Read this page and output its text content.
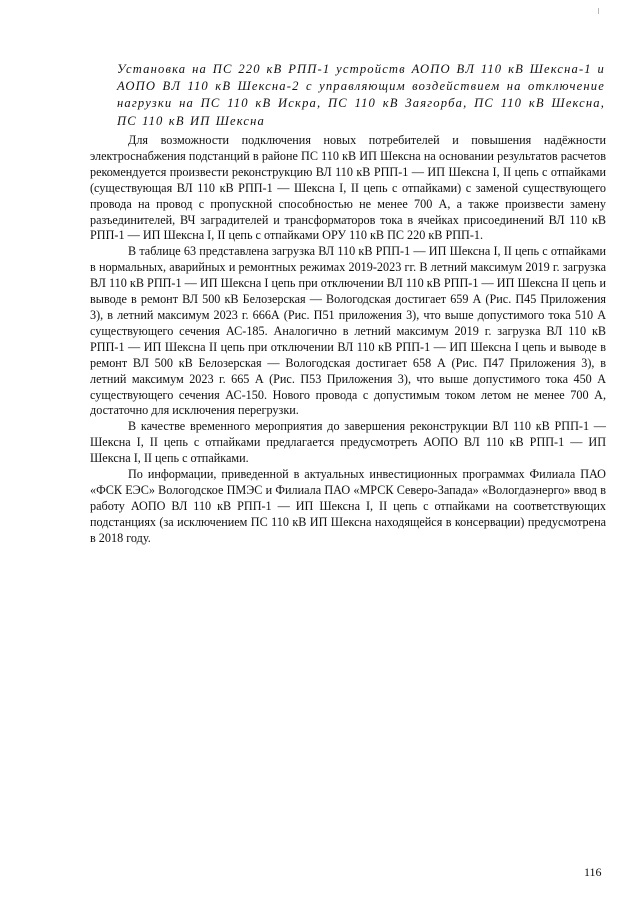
Установка на ПС 220 кВ РПП-1 устройств АОПО ВЛ 110 кВ Шексна-1 и АОПО ВЛ 110 кВ Шексна-2 с управляющим воздействием на отключение нагрузки на ПС 110 кВ Искра, ПС 110 кВ Заягорба, ПС 110 кВ Шексна, ПС 110 кВ ИП Шексна

Для возможности подключения новых потребителей и повышения надёжности электроснабжения подстанций в районе ПС 110 кВ ИП Шексна на основании результатов расчетов рекомендуется произвести реконструкцию ВЛ 110 кВ РПП-1 — ИП Шексна I, II цепь с отпайками (существующая ВЛ 110 кВ РПП-1 — Шексна I, II цепь с отпайками) с заменой существующего провода на провод с пропускной способностью не менее 700 А, а также произвести замену разъединителей, ВЧ заградителей и трансформаторов тока в ячейках присоединений ВЛ 110 кВ РПП-1 — ИП Шексна I, II цепь с отпайками ОРУ 110 кВ ПС 220 кВ РПП-1.

В таблице 63 представлена загрузка ВЛ 110 кВ РПП-1 — ИП Шексна I, II цепь с отпайками в нормальных, аварийных и ремонтных режимах 2019-2023 гг. В летний максимум 2019 г. загрузка ВЛ 110 кВ РПП-1 — ИП Шексна I цепь при отключении ВЛ 110 кВ РПП-1 — ИП Шексна II цепь и выводе в ремонт ВЛ 500 кВ Белозерская — Вологодская достигает 659 А (Рис. П45 Приложения 3), в летний максимум 2023 г. 666А (Рис. П51 приложения 3), что выше допустимого тока 510 А существующего сечения АС-185. Аналогично в летний максимум 2019 г. загрузка ВЛ 110 кВ РПП-1 — ИП Шексна II цепь при отключении ВЛ 110 кВ РПП-1 — ИП Шексна I цепь и выводе в ремонт ВЛ 500 кВ Белозерская — Вологодская достигает 658 А (Рис. П47 Приложения 3), в летний максимум 2023 г. 665 А (Рис. П53 Приложения 3), что выше допустимого тока 450 А существующего сечения АС-150. Нового провода с допустимым током летом не менее 700 А, достаточно для исключения перегрузки.

В качестве временного мероприятия до завершения реконструкции ВЛ 110 кВ РПП-1 — Шексна I, II цепь с отпайками предлагается предусмотреть АОПО ВЛ 110 кВ РПП-1 — ИП Шексна I, II цепь с отпайками.

По информации, приведенной в актуальных инвестиционных программах Филиала ПАО «ФСК ЕЭС» Вологодское ПМЭС и Филиала ПАО «МРСК Северо-Запада» «Вологдаэнерго» ввод в работу АОПО ВЛ 110 кВ РПП-1 — ИП Шексна I, II цепь с отпайками на соответствующих подстанциях (за исключением ПС 110 кВ ИП Шексна находящейся в консервации) предусмотрена в 2018 году.

116
